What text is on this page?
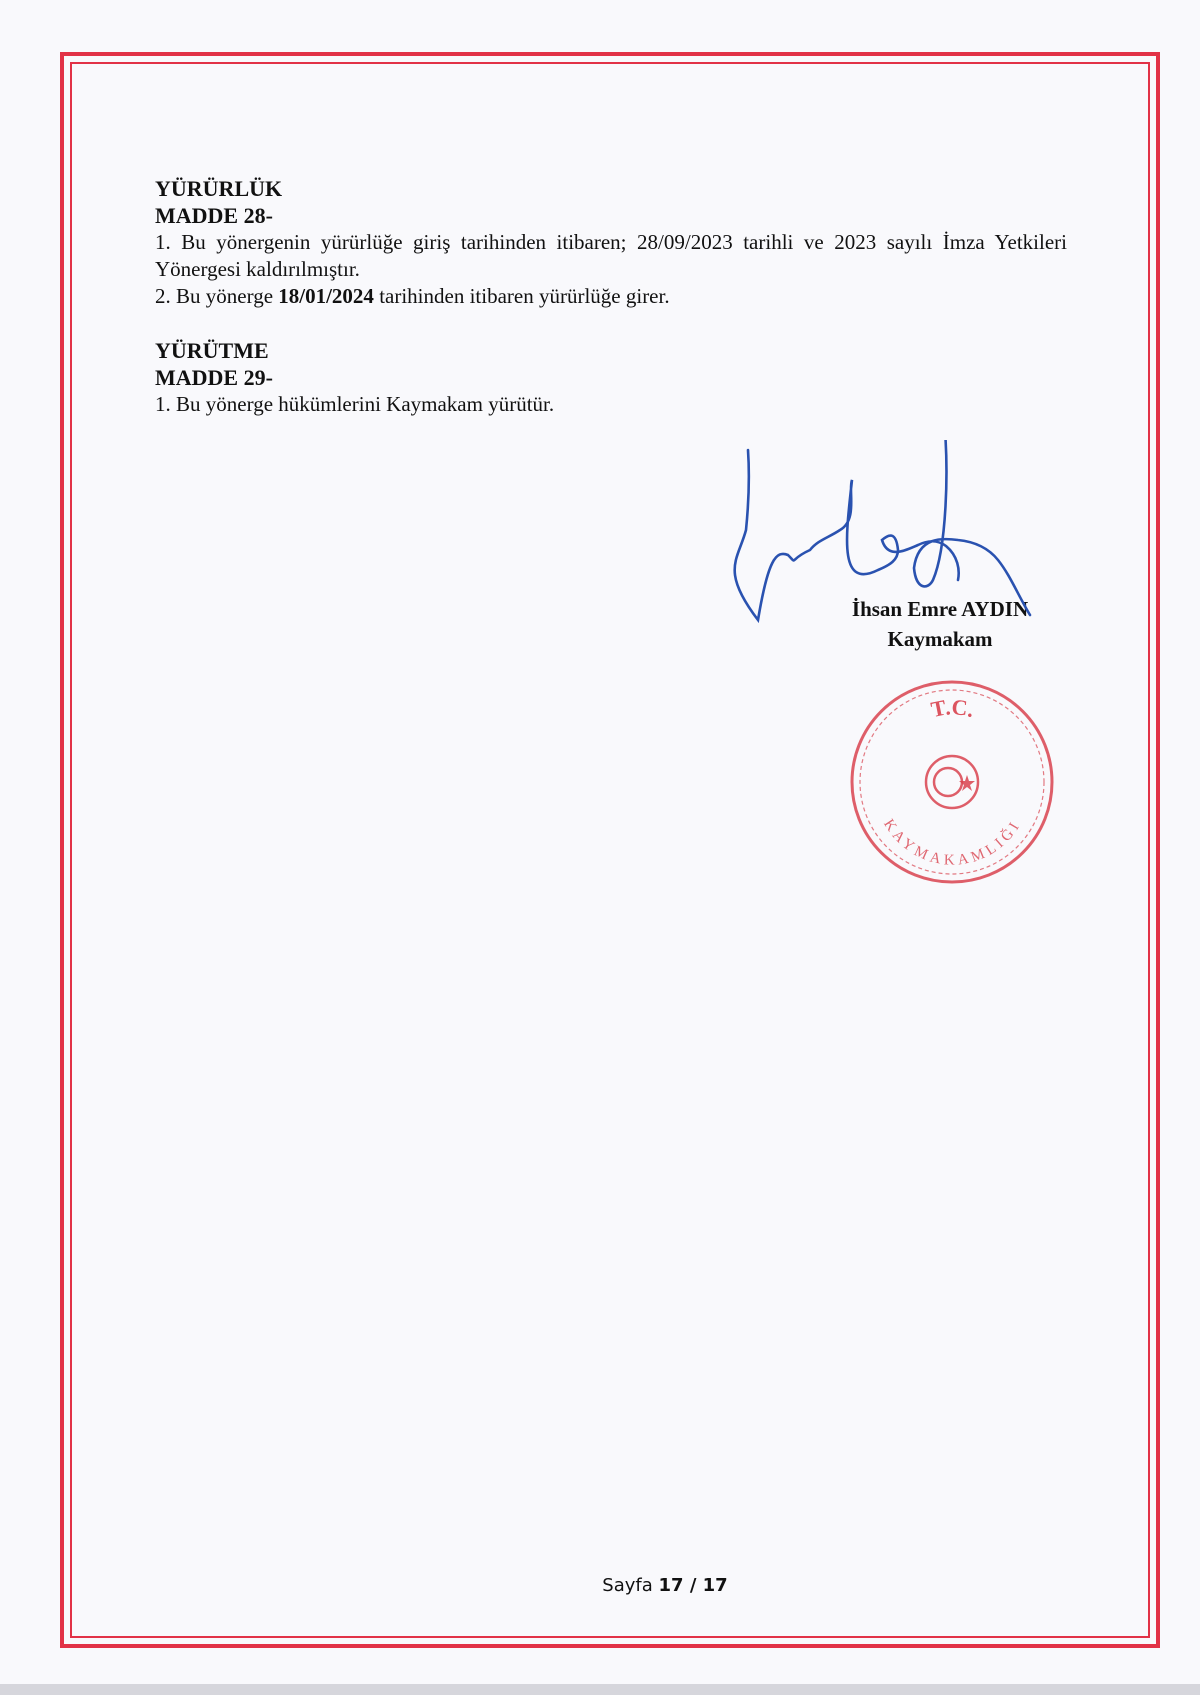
YÜRÜRLÜK
MADDE 28-
1. Bu yönergenin yürürlüğe giriş tarihinden itibaren; 28/09/2023 tarihli ve 2023 sayılı İmza Yetkileri Yönergesi kaldırılmıştır.
2. Bu yönerge 18/01/2024 tarihinden itibaren yürürlüğe girer.
YÜRÜTME
MADDE 29-
1. Bu yönerge hükümlerini Kaymakam yürütür.
İhsan Emre AYDIN
Kaymakam
T.C.
KAYMAKAMLIĞI
Sayfa 17 / 17
